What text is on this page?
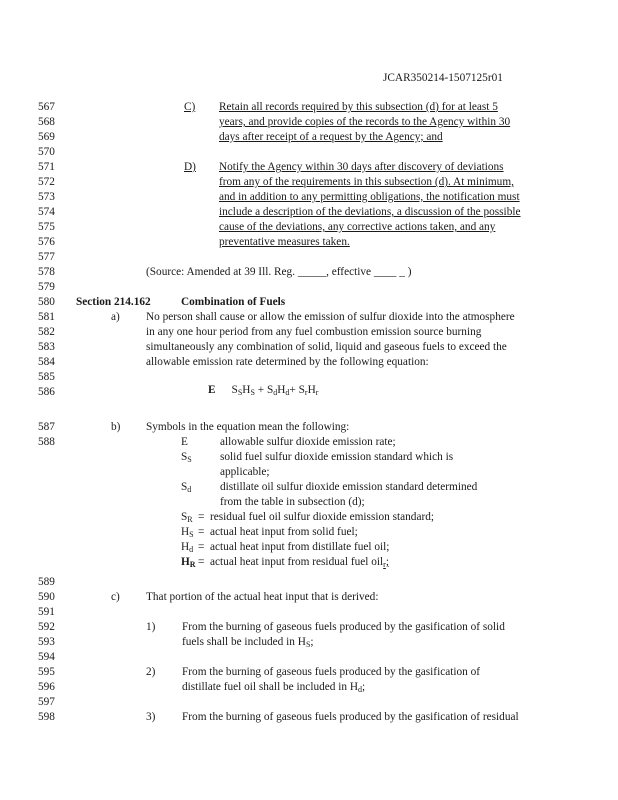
JCAR350214-1507125r01
567
568
569
570
571
572
573
574
575
576
577
578
579
580
581
582
583
584
585
586
587
588
589
590
591
592
593
594
595
596
597
598
C) Retain all records required by this subsection (d) for at least 5
years, and provide copies of the records to the Agency within 30
days after receipt of a request by the Agency; and
D) Notify the Agency within 30 days after discovery of deviations
from any of the requirements in this subsection (d). At minimum,
and in addition to any permitting obligations, the notification must
include a description of the deviations, a discussion of the possible
cause of the deviations, any corrective actions taken, and any
preventative measures taken.
(Source: Amended at 39 Ill. Reg. _____, effective ____ _ )
Section 214.162	Combination of Fuels
a) No person shall cause or allow the emission of sulfur dioxide into the atmosphere
in any one hour period from any fuel combustion emission source burning
simultaneously any combination of solid, liquid and gaseous fuels to exceed the
allowable emission rate determined by the following equation:
E $S_SH_S + S_dH_d+ S_rH_r$
b) Symbols in the equation mean the following:
E	allowable sulfur dioxide emission rate;
$S_S$	solid fuel sulfur dioxide emission standard which is
applicable;
$S_d$	distillate oil sulfur dioxide emission standard determined
from the table in subsection (d);
$S_R$ = residual fuel oil sulfur dioxide emission standard;
$H_S$ = actual heat input from solid fuel;
$H_d$ = actual heat input from distillate fuel oil;
$H_R$ = actual heat input from residual fuel oil$_r$;
c) That portion of the actual heat input that is derived:
1) From the burning of gaseous fuels produced by the gasification of solid
fuels shall be included in $H_S$;
2) From the burning of gaseous fuels produced by the gasification of
distillate fuel oil shall be included in $H_d$;
3) From the burning of gaseous fuels produced by the gasification of residual
